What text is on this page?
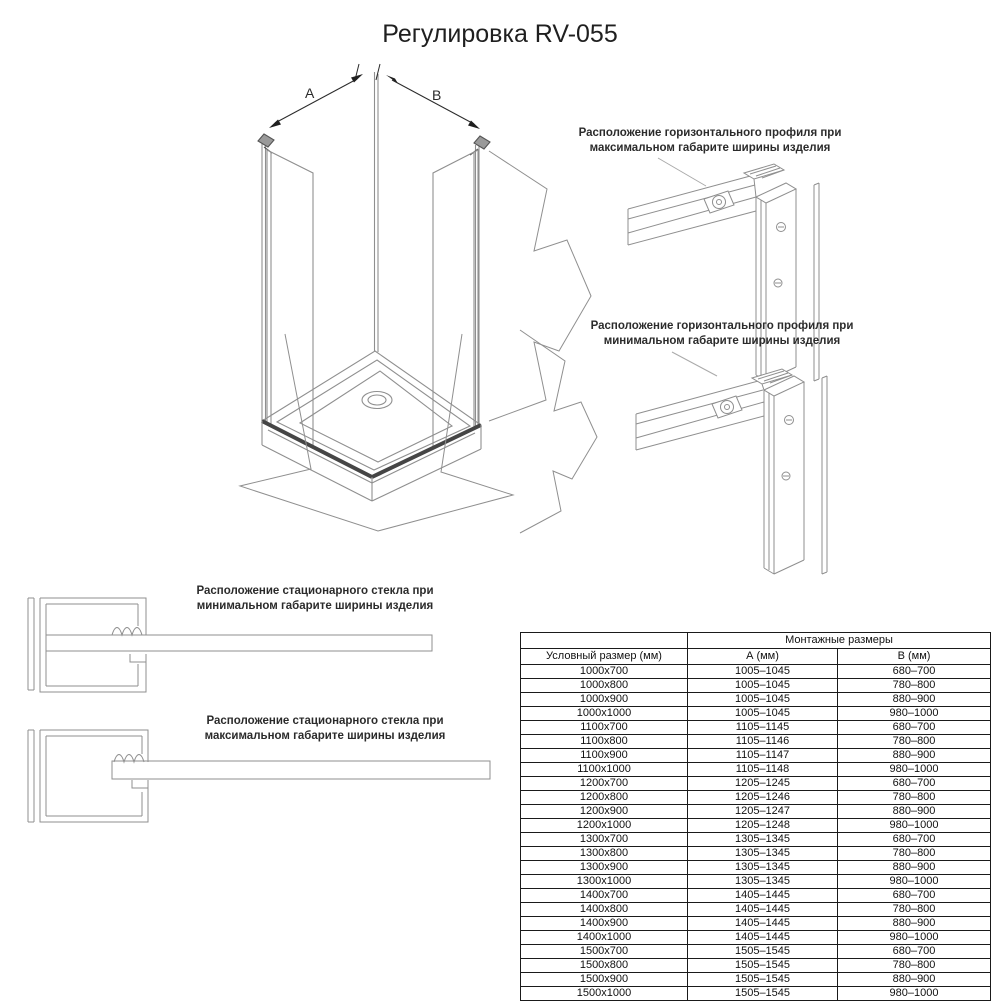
Регулировка RV-055
A	B
Расположение горизонтального профиля при
максимальном габарите ширины изделия
Расположение горизонтального профиля при
минимальном габарите ширины изделия
Расположение стационарного стекла при
минимальном габарите ширины изделия
Расположение стационарного стекла при
максимальном габарите ширины изделия
	Монтажные размеры	
Условный размер (мм)	А (мм)	В (мм)
1000x700	1005–1045	680–700
1000x800	1005–1045	780–800
1000x900	1005–1045	880–900
1000x1000	1005–1045	980–1000
1100x700	1105–1145	680–700
1100x800	1105–1146	780–800
1100x900	1105–1147	880–900
1100x1000	1105–1148	980–1000
1200x700	1205–1245	680–700
1200x800	1205–1246	780–800
1200x900	1205–1247	880–900
1200x1000	1205–1248	980–1000
1300x700	1305–1345	680–700
1300x800	1305–1345	780–800
1300x900	1305–1345	880–900
1300x1000	1305–1345	980–1000
1400x700	1405–1445	680–700
1400x800	1405–1445	780–800
1400x900	1405–1445	880–900
1400x1000	1405–1445	980–1000
1500x700	1505–1545	680–700
1500x800	1505–1545	780–800
1500x900	1505–1545	880–900
1500x1000	1505–1545	980–1000
